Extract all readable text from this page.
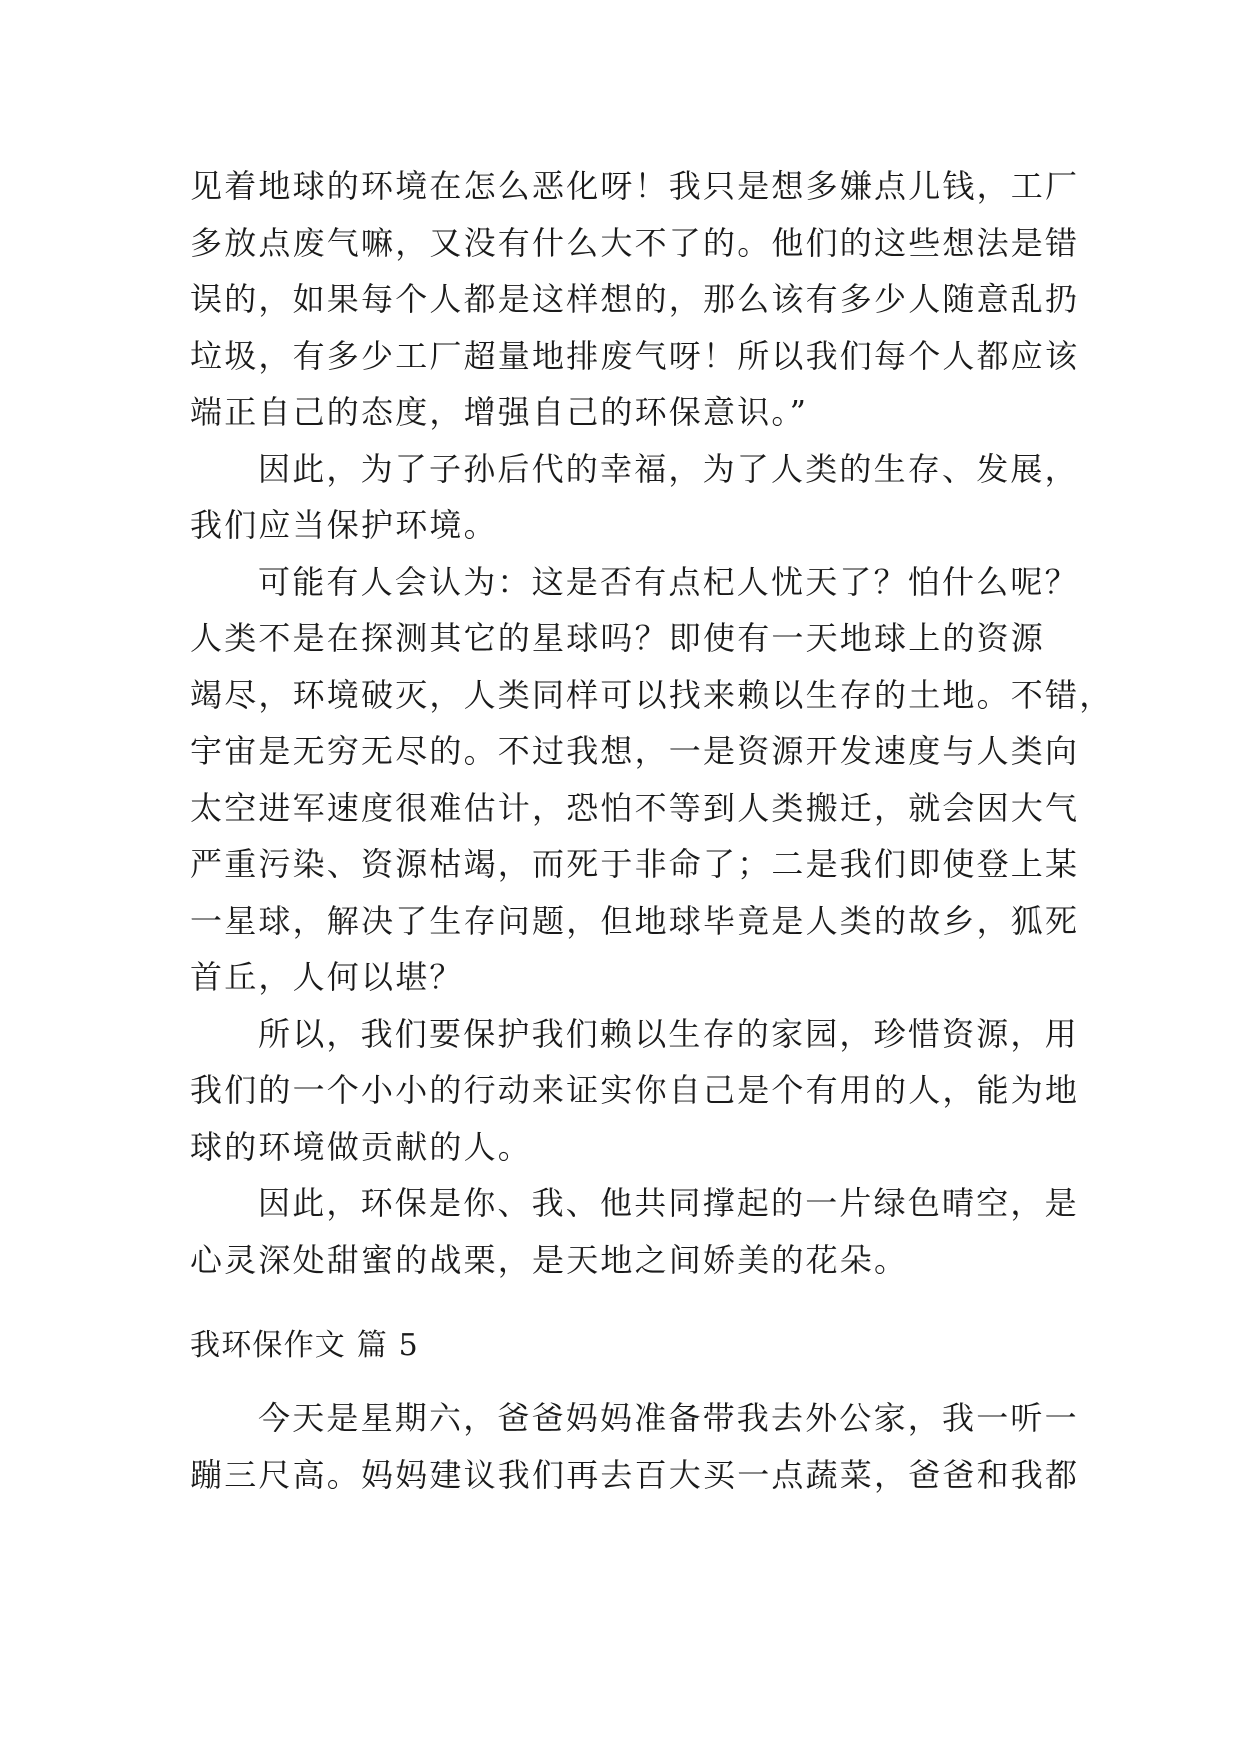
见着地球的环境在怎么恶化呀！我只是想多嫌点儿钱，工厂
多放点废气嘛，又没有什么大不了的。他们的这些想法是错
误的，如果每个人都是这样想的，那么该有多少人随意乱扔
垃圾，有多少工厂超量地排废气呀！所以我们每个人都应该
端正自己的态度，增强自己的环保意识。”
因此，为了子孙后代的幸福，为了人类的生存、发展，
我们应当保护环境。
可能有人会认为：这是否有点杞人忧天了？怕什么呢？
人类不是在探测其它的星球吗？即使有一天地球上的资源
竭尽，环境破灭，人类同样可以找来赖以生存的土地。不错，
宇宙是无穷无尽的。不过我想，一是资源开发速度与人类向
太空进军速度很难估计，恐怕不等到人类搬迁，就会因大气
严重污染、资源枯竭，而死于非命了；二是我们即使登上某
一星球，解决了生存问题，但地球毕竟是人类的故乡，狐死
首丘，人何以堪？
所以，我们要保护我们赖以生存的家园，珍惜资源，用
我们的一个小小的行动来证实你自己是个有用的人，能为地
球的环境做贡献的人。
因此，环保是你、我、他共同撑起的一片绿色晴空，是
心灵深处甜蜜的战栗，是天地之间娇美的花朵。
我环保作文 篇 5
今天是星期六，爸爸妈妈准备带我去外公家，我一听一
蹦三尺高。妈妈建议我们再去百大买一点蔬菜，爸爸和我都
